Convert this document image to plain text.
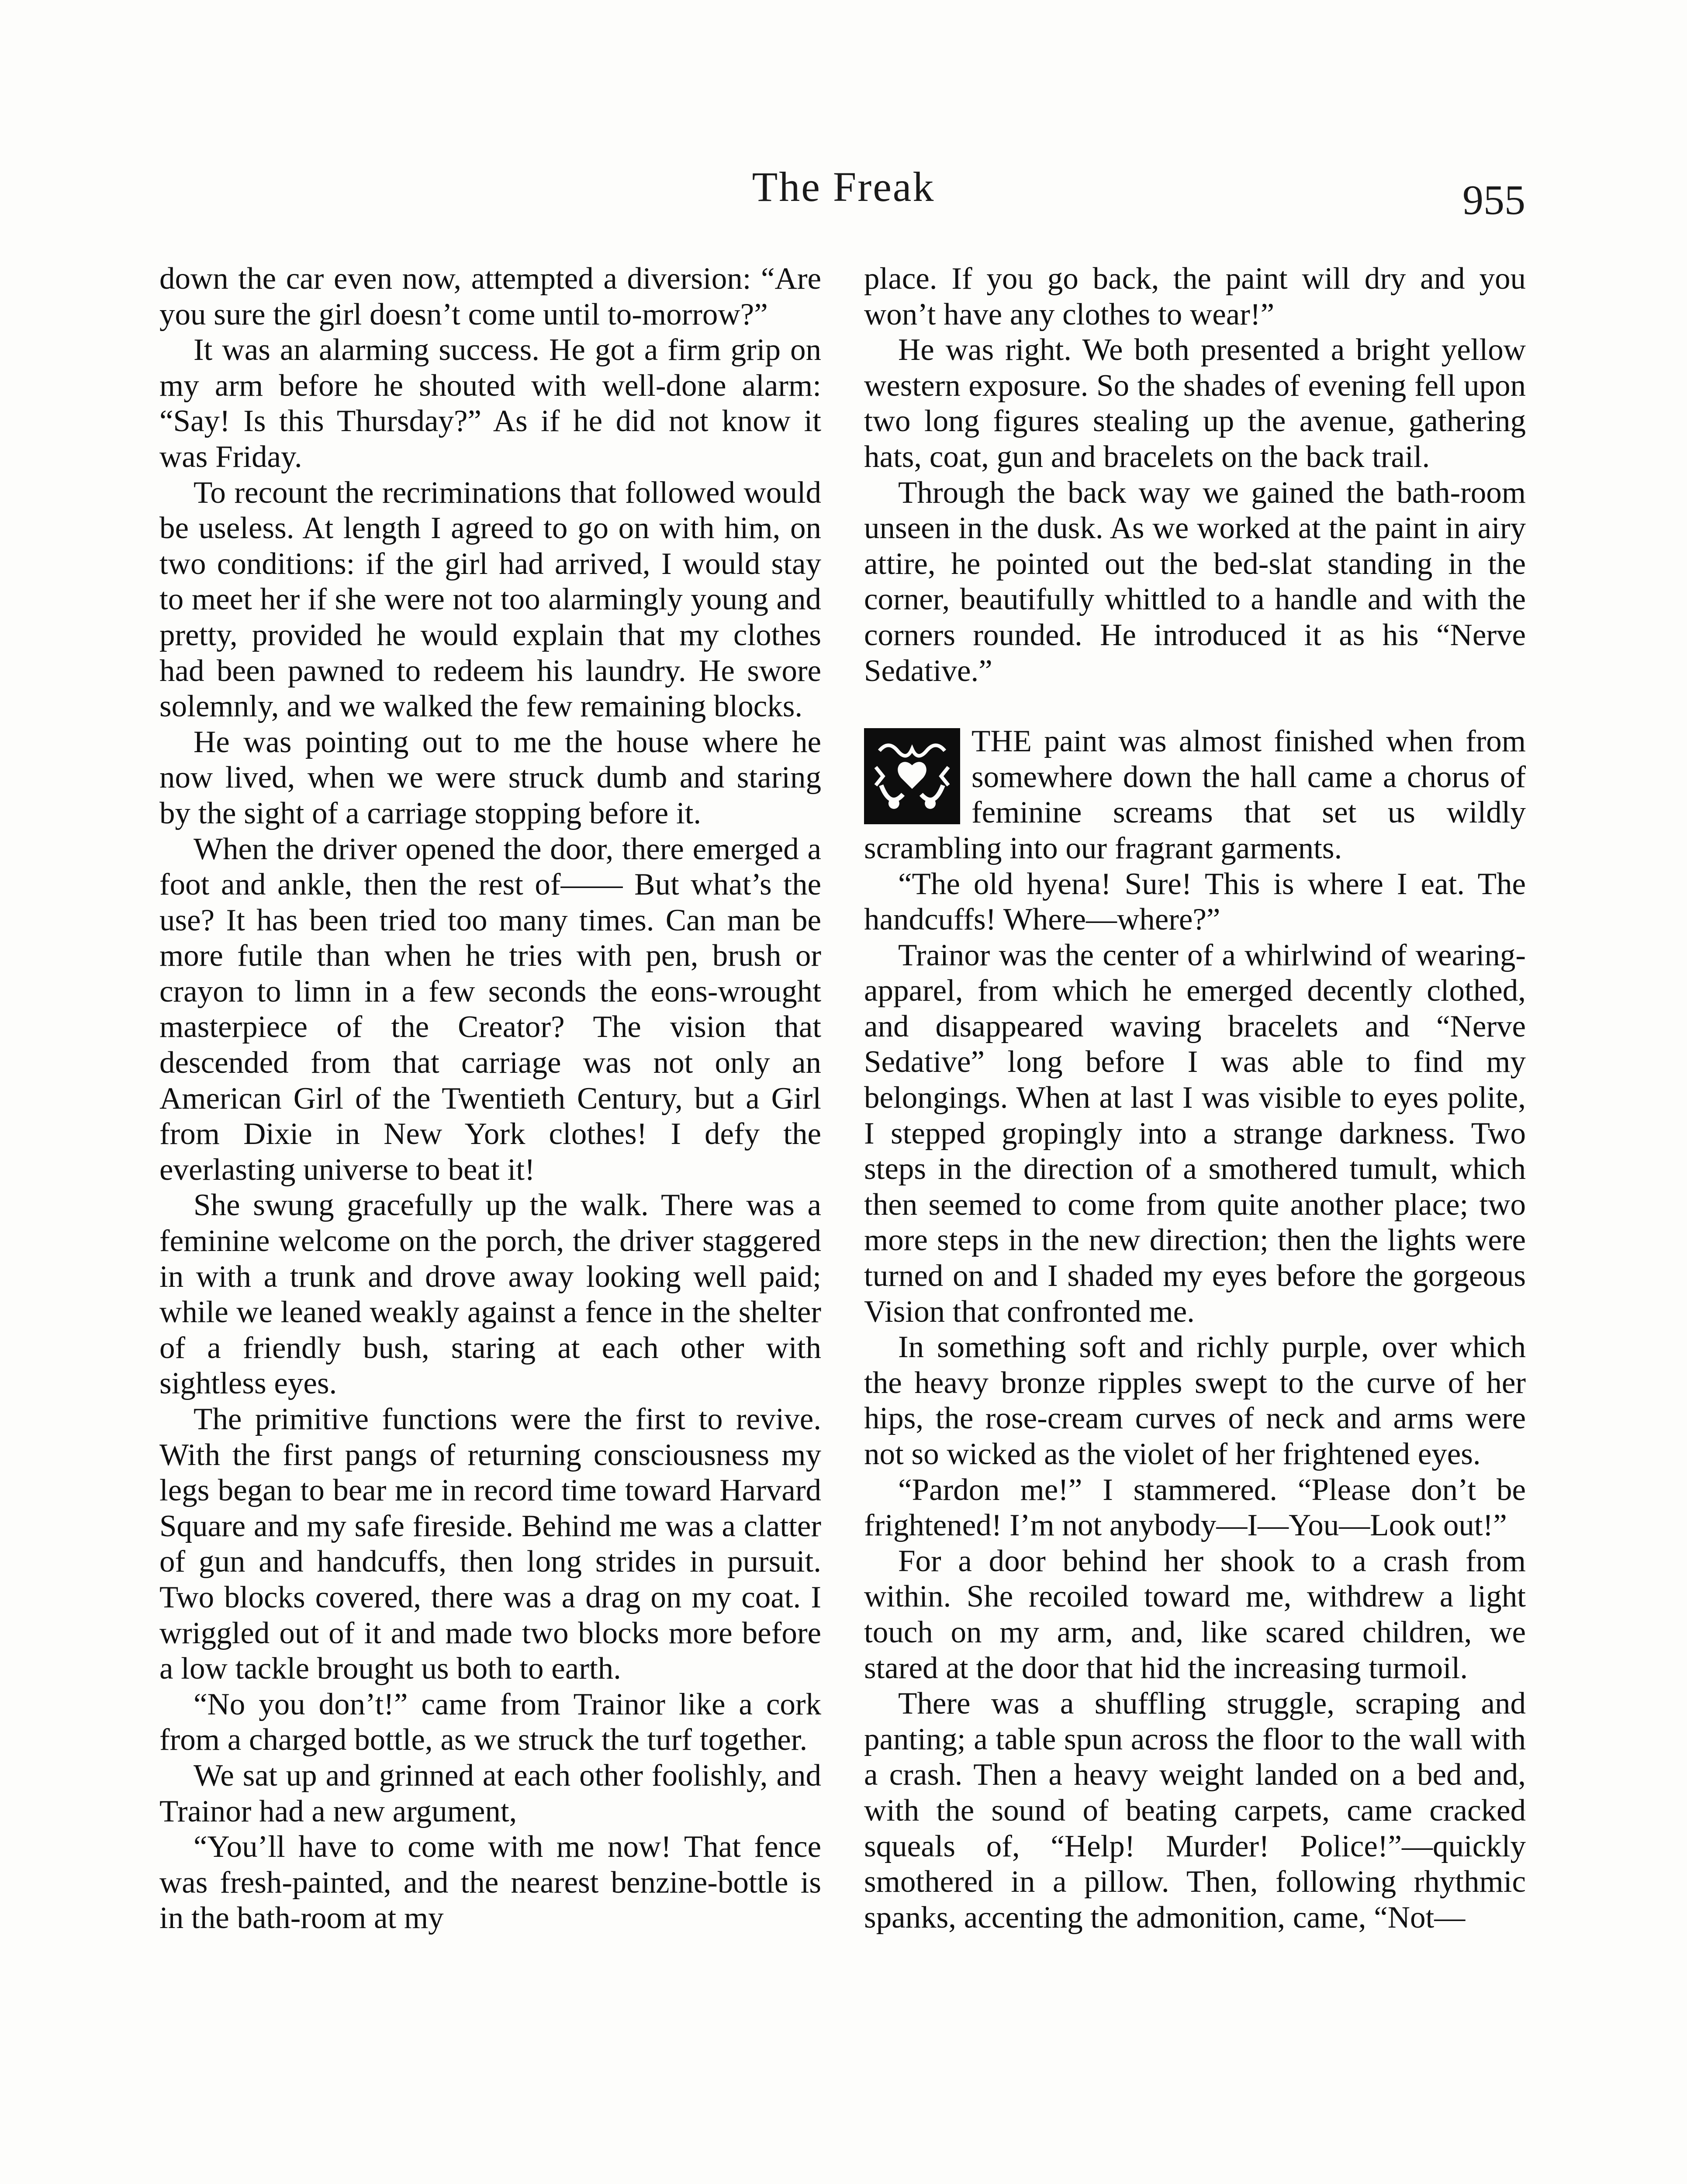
The Freak	955

down the car even now, attempted a diversion: “Are you sure the girl doesn’t come until to-morrow?”

It was an alarming success. He got a firm grip on my arm before he shouted with well-done alarm: “Say! Is this Thursday?” As if he did not know it was Friday.

To recount the recriminations that followed would be useless. At length I agreed to go on with him, on two conditions: if the girl had arrived, I would stay to meet her if she were not too alarmingly young and pretty, provided he would explain that my clothes had been pawned to redeem his laundry. He swore solemnly, and we walked the few remaining blocks.

He was pointing out to me the house where he now lived, when we were struck dumb and staring by the sight of a carriage stopping before it.

When the driver opened the door, there emerged a foot and ankle, then the rest of—— But what’s the use? It has been tried too many times. Can man be more futile than when he tries with pen, brush or crayon to limn in a few seconds the eons-wrought masterpiece of the Creator? The vision that descended from that carriage was not only an American Girl of the Twentieth Century, but a Girl from Dixie in New York clothes! I defy the everlasting universe to beat it!

She swung gracefully up the walk. There was a feminine welcome on the porch, the driver staggered in with a trunk and drove away looking well paid; while we leaned weakly against a fence in the shelter of a friendly bush, staring at each other with sightless eyes.

The primitive functions were the first to revive. With the first pangs of returning consciousness my legs began to bear me in record time toward Harvard Square and my safe fireside. Behind me was a clatter of gun and handcuffs, then long strides in pursuit. Two blocks covered, there was a drag on my coat. I wriggled out of it and made two blocks more before a low tackle brought us both to earth.

“No you don’t!” came from Trainor like a cork from a charged bottle, as we struck the turf together.

We sat up and grinned at each other foolishly, and Trainor had a new argument,

“You’ll have to come with me now! That fence was fresh-painted, and the nearest benzine-bottle is in the bath-room at my

place. If you go back, the paint will dry and you won’t have any clothes to wear!”

He was right. We both presented a bright yellow western exposure. So the shades of evening fell upon two long figures stealing up the avenue, gathering hats, coat, gun and bracelets on the back trail.

Through the back way we gained the bath-room unseen in the dusk. As we worked at the paint in airy attire, he pointed out the bed-slat standing in the corner, beautifully whittled to a handle and with the corners rounded. He introduced it as his “Nerve Sedative.”

THE paint was almost finished when from somewhere down the hall came a chorus of feminine screams that set us wildly scrambling into our fragrant garments.

“The old hyena! Sure! This is where I eat. The handcuffs! Where—where?”

Trainor was the center of a whirlwind of wearing-apparel, from which he emerged decently clothed, and disappeared waving bracelets and “Nerve Sedative” long before I was able to find my belongings. When at last I was visible to eyes polite, I stepped gropingly into a strange darkness. Two steps in the direction of a smothered tumult, which then seemed to come from quite another place; two more steps in the new direction; then the lights were turned on and I shaded my eyes before the gorgeous Vision that confronted me.

In something soft and richly purple, over which the heavy bronze ripples swept to the curve of her hips, the rose-cream curves of neck and arms were not so wicked as the violet of her frightened eyes.

“Pardon me!” I stammered. “Please don’t be frightened! I’m not anybody—I—You—Look out!”

For a door behind her shook to a crash from within. She recoiled toward me, withdrew a light touch on my arm, and, like scared children, we stared at the door that hid the increasing turmoil.

There was a shuffling struggle, scraping and panting; a table spun across the floor to the wall with a crash. Then a heavy weight landed on a bed and, with the sound of beating carpets, came cracked squeals of, “Help! Murder! Police!”—quickly smothered in a pillow. Then, following rhythmic spanks, accenting the admonition, came, “Not—
